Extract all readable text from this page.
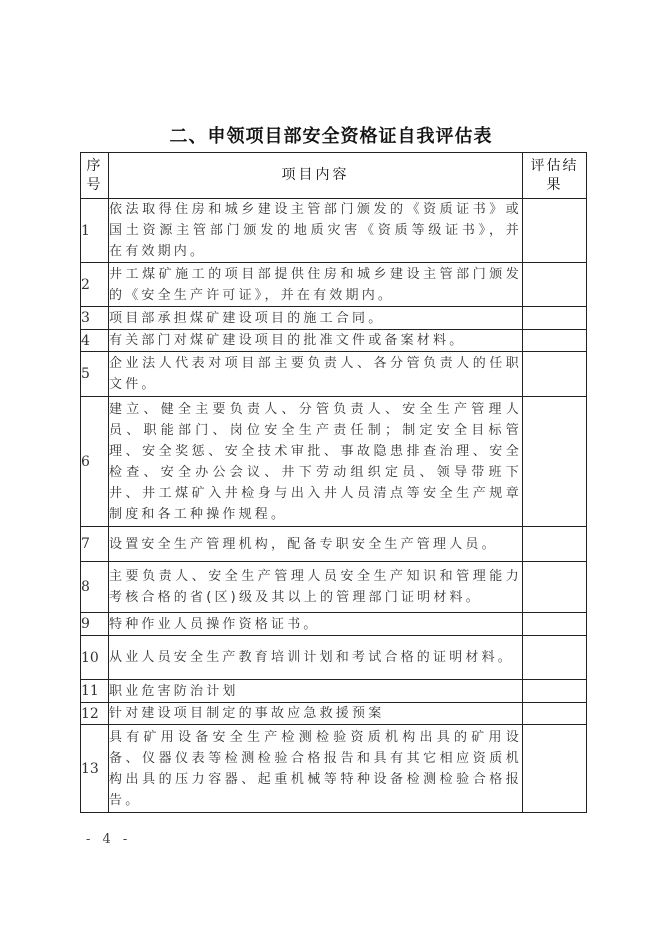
二、申领项目部安全资格证自我评估表
序号	项目内容	评估结果
1	依法取得住房和城乡建设主管部门颁发的《资质证书》或国土资源主管部门颁发的地质灾害《资质等级证书》，并在有效期内。	
2	井工煤矿施工的项目部提供住房和城乡建设主管部门颁发的《安全生产许可证》，并在有效期内。	
3	项目部承担煤矿建设项目的施工合同。	
4	有关部门对煤矿建设项目的批准文件或备案材料。	
5	企业法人代表对项目部主要负责人、各分管负责人的任职文件。	
6	建立、健全主要负责人、分管负责人、安全生产管理人员、职能部门、岗位安全生产责任制；制定安全目标管理、安全奖惩、安全技术审批、事故隐患排查治理、安全检查、安全办公会议、井下劳动组织定员、领导带班下井、井工煤矿入井检身与出入井人员清点等安全生产规章制度和各工种操作规程。	
7	设置安全生产管理机构，配备专职安全生产管理人员。	
8	主要负责人、安全生产管理人员安全生产知识和管理能力考核合格的省(区)级及其以上的管理部门证明材料。	
9	特种作业人员操作资格证书。	
10	从业人员安全生产教育培训计划和考试合格的证明材料。	
11	职业危害防治计划	
12	针对建设项目制定的事故应急救援预案	
13	具有矿用设备安全生产检测检验资质机构出具的矿用设备、仪器仪表等检测检验合格报告和具有其它相应资质机构出具的压力容器、起重机械等特种设备检测检验合格报告。	
- 4 -
